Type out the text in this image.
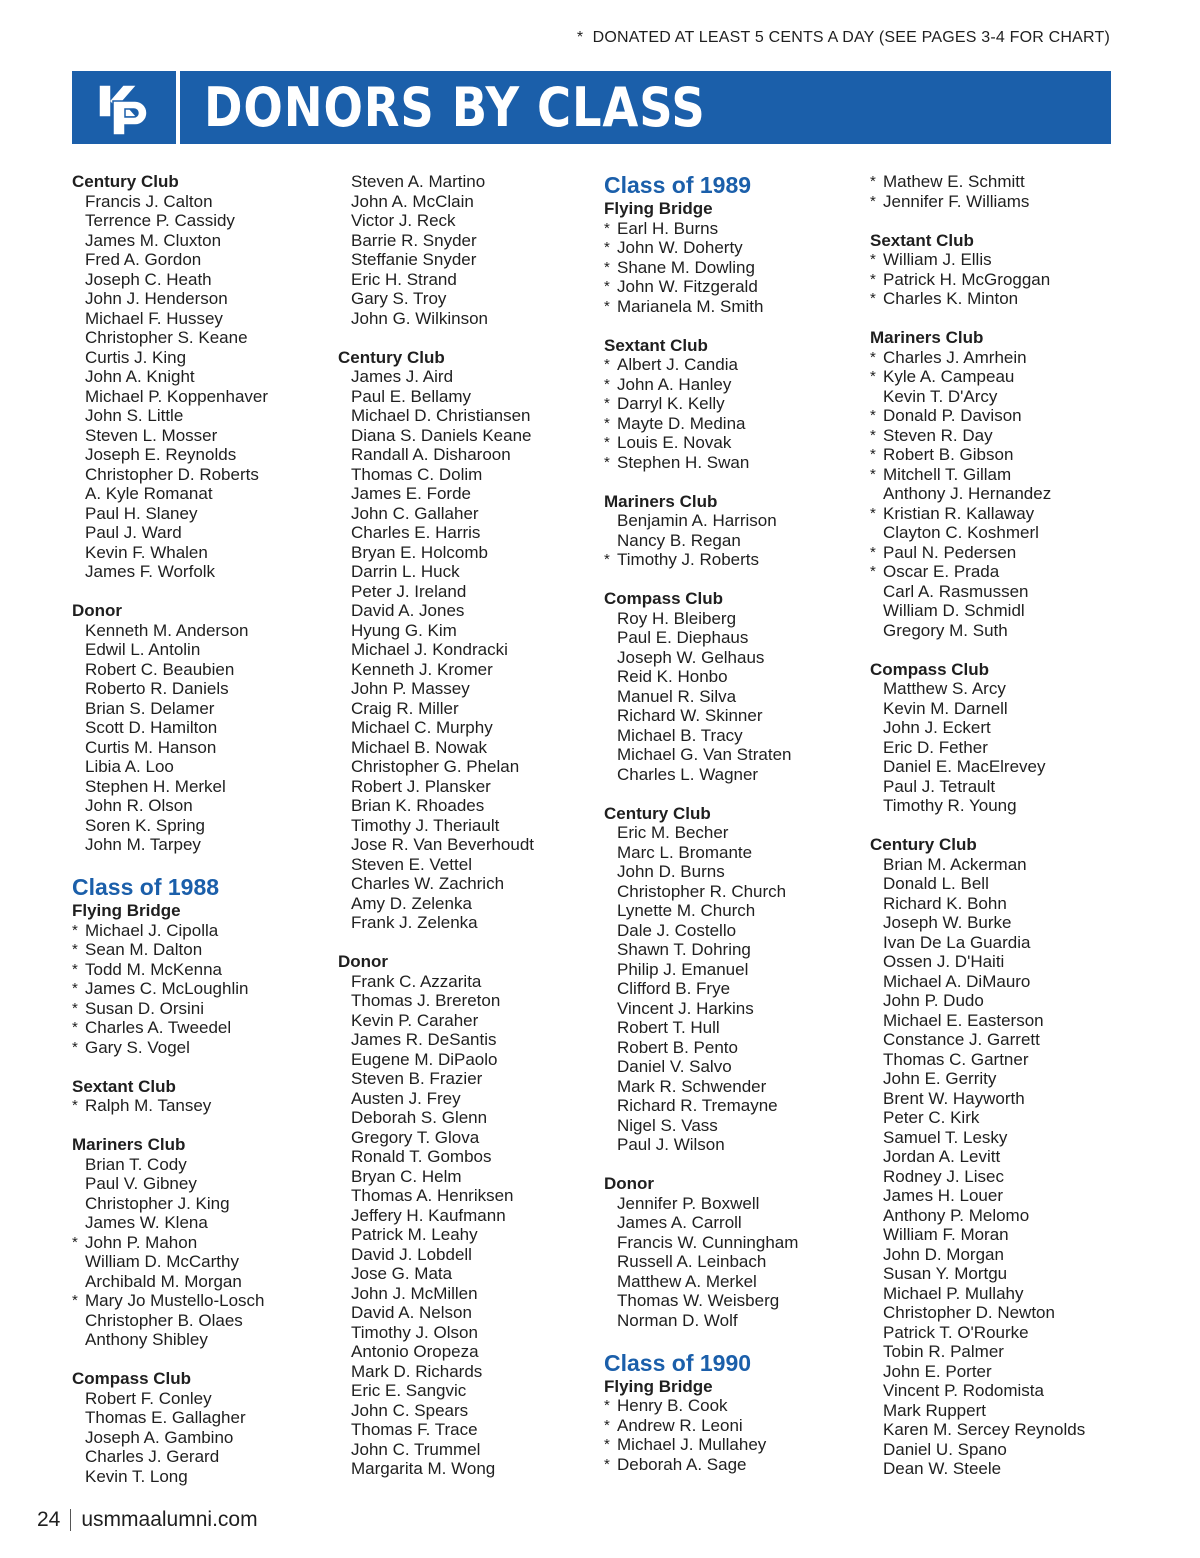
* DONATED AT LEAST 5 CENTS A DAY (SEE PAGES 3-4 FOR CHART)
DONORS BY CLASS
Century Club
Francis J. Calton
Terrence P. Cassidy
James M. Cluxton
Fred A. Gordon
Joseph C. Heath
John J. Henderson
Michael F. Hussey
Christopher S. Keane
Curtis J. King
John A. Knight
Michael P. Koppenhaver
John S. Little
Steven L. Mosser
Joseph E. Reynolds
Christopher D. Roberts
A. Kyle Romanat
Paul H. Slaney
Paul J. Ward
Kevin F. Whalen
James F. Worfolk
Donor
Kenneth M. Anderson
Edwil L. Antolin
Robert C. Beaubien
Roberto R. Daniels
Brian S. Delamer
Scott D. Hamilton
Curtis M. Hanson
Libia A. Loo
Stephen H. Merkel
John R. Olson
Soren K. Spring
John M. Tarpey
Class of 1988
Flying Bridge
* Michael J. Cipolla
* Sean M. Dalton
* Todd M. McKenna
* James C. McLoughlin
* Susan D. Orsini
* Charles A. Tweedel
* Gary S. Vogel
Sextant Club
* Ralph M. Tansey
Mariners Club
Brian T. Cody
Paul V. Gibney
Christopher J. King
James W. Klena
* John P. Mahon
William D. McCarthy
Archibald M. Morgan
* Mary Jo Mustello-Losch
Christopher B. Olaes
Anthony Shibley
Compass Club
Robert F. Conley
Thomas E. Gallagher
Joseph A. Gambino
Charles J. Gerard
Kevin T. Long
Steven A. Martino
John A. McClain
Victor J. Reck
Barrie R. Snyder
Steffanie Snyder
Eric H. Strand
Gary S. Troy
John G. Wilkinson
Century Club
James J. Aird
Paul E. Bellamy
Michael D. Christiansen
Diana S. Daniels Keane
Randall A. Disharoon
Thomas C. Dolim
James E. Forde
John C. Gallaher
Charles E. Harris
Bryan E. Holcomb
Darrin L. Huck
Peter J. Ireland
David A. Jones
Hyung G. Kim
Michael J. Kondracki
Kenneth J. Kromer
John P. Massey
Craig R. Miller
Michael C. Murphy
Michael B. Nowak
Christopher G. Phelan
Robert J. Plansker
Brian K. Rhoades
Timothy J. Theriault
Jose R. Van Beverhoudt
Steven E. Vettel
Charles W. Zachrich
Amy D. Zelenka
Frank J. Zelenka
Donor
Frank C. Azzarita
Thomas J. Brereton
Kevin P. Caraher
James R. DeSantis
Eugene M. DiPaolo
Steven B. Frazier
Austen J. Frey
Deborah S. Glenn
Gregory T. Glova
Ronald T. Gombos
Bryan C. Helm
Thomas A. Henriksen
Jeffery H. Kaufmann
Patrick M. Leahy
David J. Lobdell
Jose G. Mata
John J. McMillen
David A. Nelson
Timothy J. Olson
Antonio Oropeza
Mark D. Richards
Eric E. Sangvic
John C. Spears
Thomas F. Trace
John C. Trummel
Margarita M. Wong
Class of 1989
Flying Bridge
* Earl H. Burns
* John W. Doherty
* Shane M. Dowling
* John W. Fitzgerald
* Marianela M. Smith
Sextant Club
* Albert J. Candia
* John A. Hanley
* Darryl K. Kelly
* Mayte D. Medina
* Louis E. Novak
* Stephen H. Swan
Mariners Club
Benjamin A. Harrison
Nancy B. Regan
* Timothy J. Roberts
Compass Club
Roy H. Bleiberg
Paul E. Diephaus
Joseph W. Gelhaus
Reid K. Honbo
Manuel R. Silva
Richard W. Skinner
Michael B. Tracy
Michael G. Van Straten
Charles L. Wagner
Century Club
Eric M. Becher
Marc L. Bromante
John D. Burns
Christopher R. Church
Lynette M. Church
Dale J. Costello
Shawn T. Dohring
Philip J. Emanuel
Clifford B. Frye
Vincent J. Harkins
Robert T. Hull
Robert B. Pento
Daniel V. Salvo
Mark R. Schwender
Richard R. Tremayne
Nigel S. Vass
Paul J. Wilson
Donor
Jennifer P. Boxwell
James A. Carroll
Francis W. Cunningham
Russell A. Leinbach
Matthew A. Merkel
Thomas W. Weisberg
Norman D. Wolf
Class of 1990
Flying Bridge
* Henry B. Cook
* Andrew R. Leoni
* Michael J. Mullahey
* Deborah A. Sage
* Mathew E. Schmitt
* Jennifer F. Williams
Sextant Club
* William J. Ellis
* Patrick H. McGroggan
* Charles K. Minton
Mariners Club
* Charles J. Amrhein
* Kyle A. Campeau
Kevin T. D'Arcy
* Donald P. Davison
* Steven R. Day
* Robert B. Gibson
* Mitchell T. Gillam
Anthony J. Hernandez
* Kristian R. Kallaway
Clayton C. Koshmerl
* Paul N. Pedersen
* Oscar E. Prada
Carl A. Rasmussen
William D. Schmidl
Gregory M. Suth
Compass Club
Matthew S. Arcy
Kevin M. Darnell
John J. Eckert
Eric D. Fether
Daniel E. MacElrevey
Paul J. Tetrault
Timothy R. Young
Century Club
Brian M. Ackerman
Donald L. Bell
Richard K. Bohn
Joseph W. Burke
Ivan De La Guardia
Ossen J. D'Haiti
Michael A. DiMauro
John P. Dudo
Michael E. Easterson
Constance J. Garrett
Thomas C. Gartner
John E. Gerrity
Brent W. Hayworth
Peter C. Kirk
Samuel T. Lesky
Jordan A. Levitt
Rodney J. Lisec
James H. Louer
Anthony P. Melomo
William F. Moran
John D. Morgan
Susan Y. Mortgu
Michael P. Mullahy
Christopher D. Newton
Patrick T. O'Rourke
Tobin R. Palmer
John E. Porter
Vincent P. Rodomista
Mark Ruppert
Karen M. Sercey Reynolds
Daniel U. Spano
Dean W. Steele
24 usmmaalumni.com
